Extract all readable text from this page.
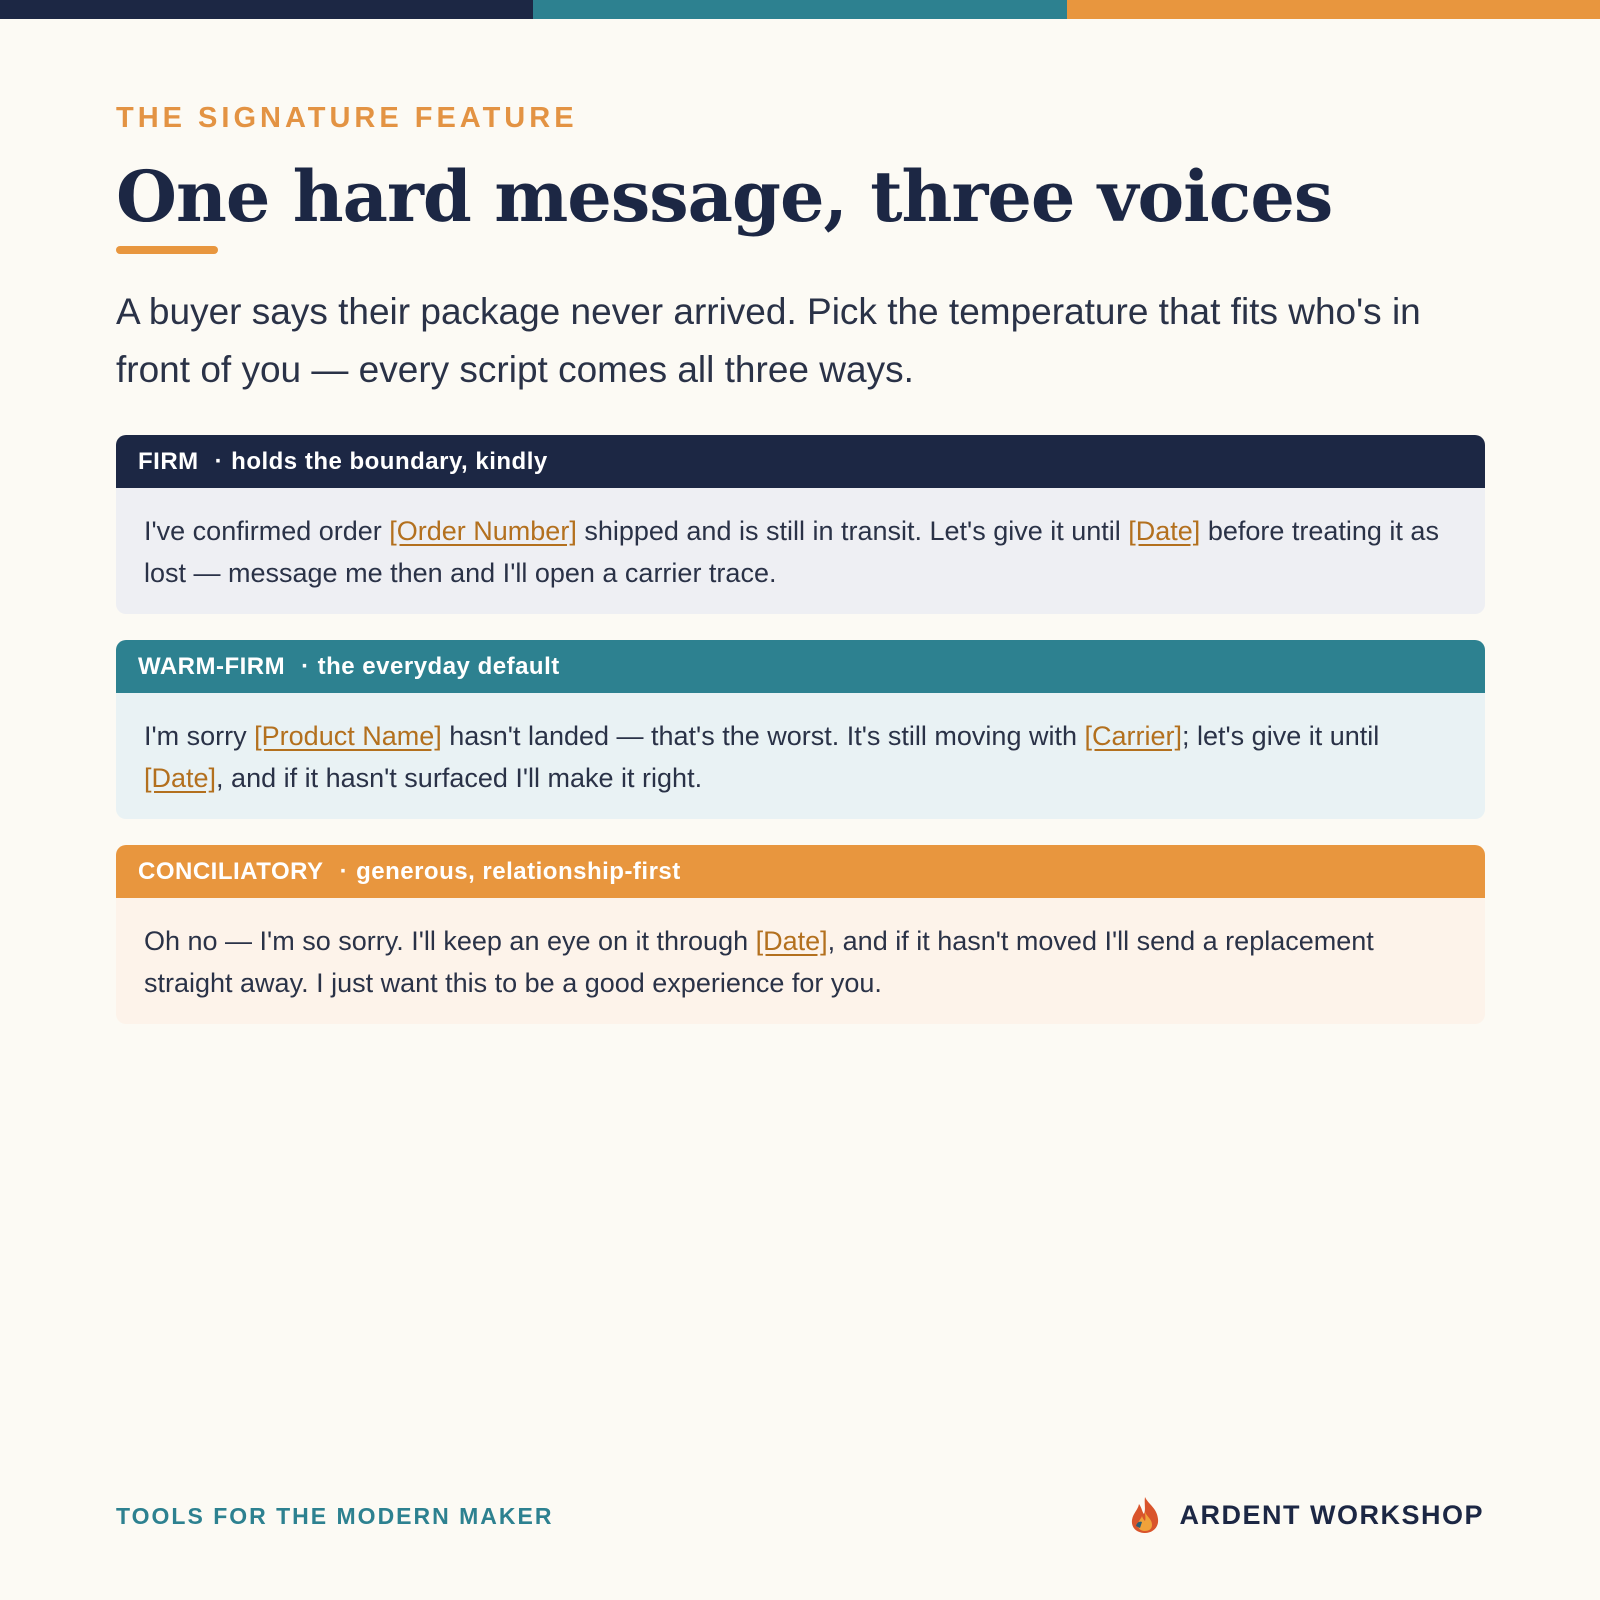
THE SIGNATURE FEATURE
One hard message, three voices

A buyer says their package never arrived. Pick the temperature that fits who's in front of you — every script comes all three ways.

FIRM · holds the boundary, kindly
I've confirmed order [Order Number] shipped and is still in transit. Let's give it until [Date] before treating it as lost — message me then and I'll open a carrier trace.
WARM-FIRM · the everyday default
I'm sorry [Product Name] hasn't landed — that's the worst. It's still moving with [Carrier]; let's give it until [Date], and if it hasn't surfaced I'll make it right.
CONCILIATORY · generous, relationship-first
Oh no — I'm so sorry. I'll keep an eye on it through [Date], and if it hasn't moved I'll send a replacement straight away. I just want this to be a good experience for you.
TOOLS FOR THE MODERN MAKER	ARDENT WORKSHOP
